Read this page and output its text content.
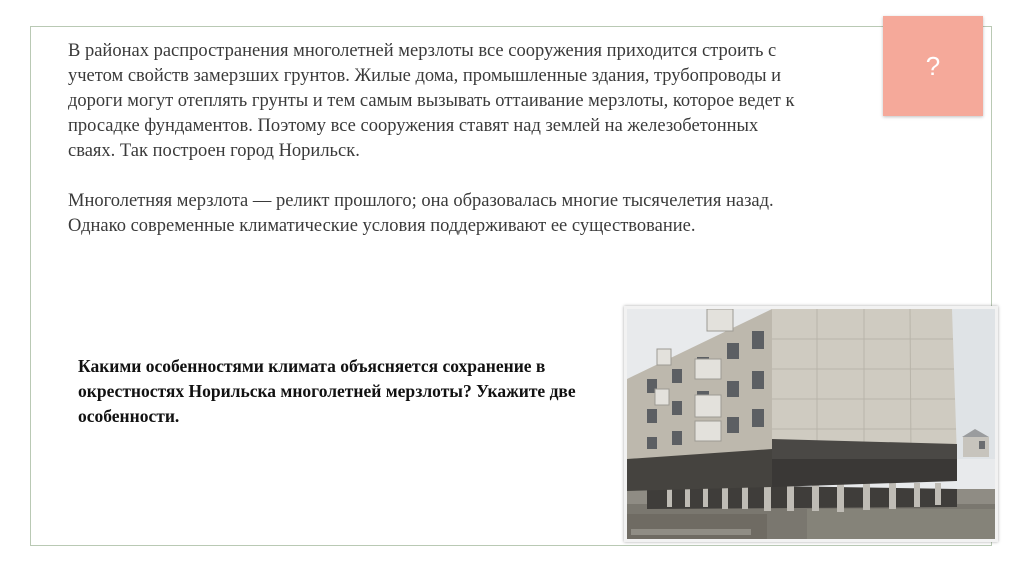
?

В районах распространения многолетней мерзлоты все сооружения приходится строить с учетом свойств замерзших грунтов. Жилые дома, промышленные здания, трубопроводы и дороги могут отеплять грунты и тем самым вызывать оттаивание мерзлоты, которое ведет к просадке фундаментов. Поэтому все сооружения ставят над землей на железобетонных сваях. Так построен город Норильск.

Многолетняя мерзлота — реликт прошлого; она образовалась многие тысячелетия назад. Однако современные климатические условия поддерживают ее существование.

Какими особенностями климата объясняется сохранение в окрестностях Норильска многолетней мерзлоты? Укажите две особенности.
